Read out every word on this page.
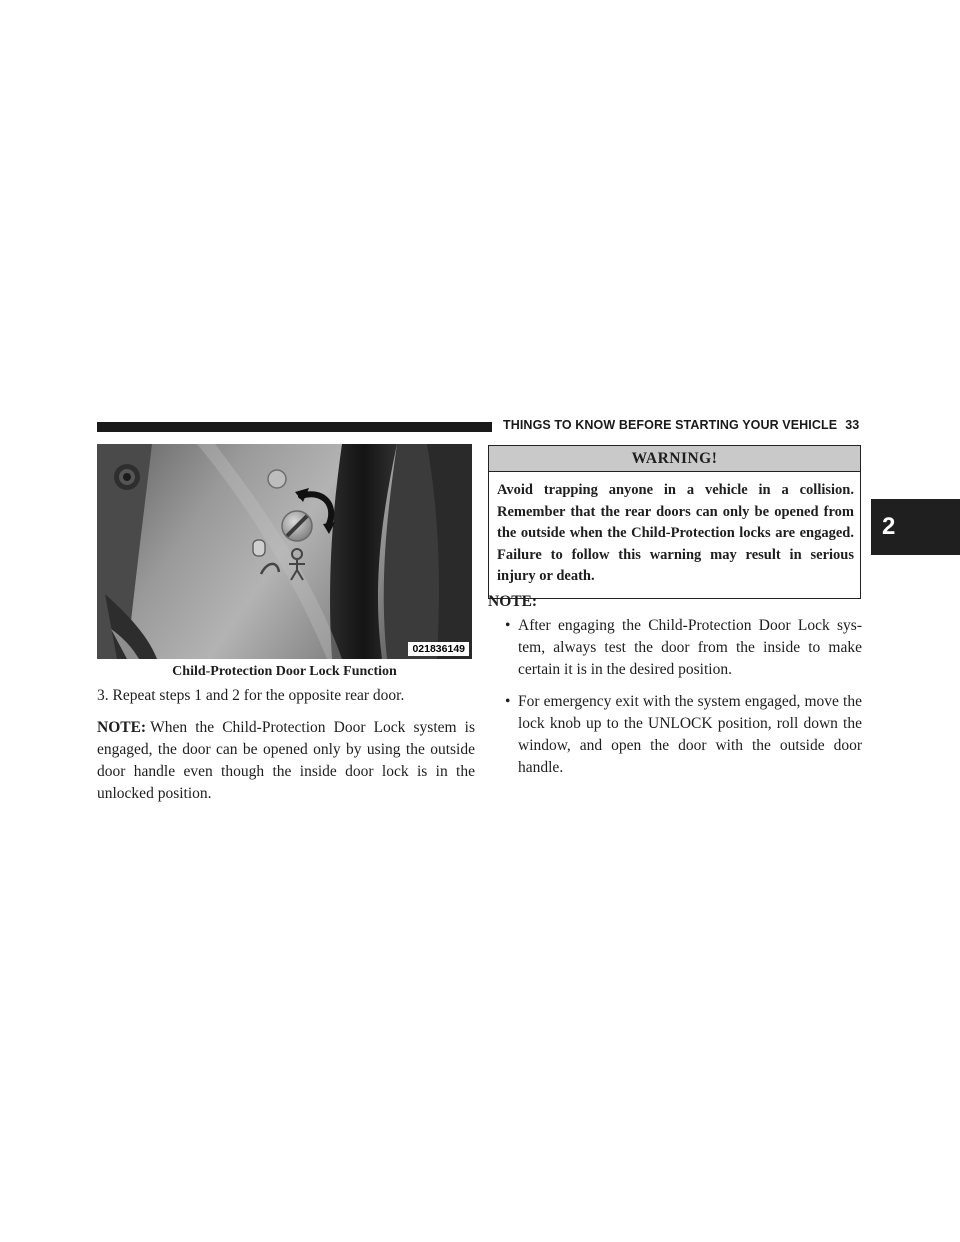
THINGS TO KNOW BEFORE STARTING YOUR VEHICLE 33
2
021836149
Child-Protection Door Lock Function
3. Repeat steps 1 and 2 for the opposite rear door.
NOTE: When the Child-Protection Door Lock system is engaged, the door can be opened only by using the outside door handle even though the inside door lock is in the unlocked position.
WARNING!
Avoid trapping anyone in a vehicle in a collision. Remember that the rear doors can only be opened from the outside when the Child-Protection locks are engaged. Failure to follow this warning may result in serious injury or death.
NOTE:
• After engaging the Child-Protection Door Lock sys- tem, always test the door from the inside to make certain it is in the desired position.
• For emergency exit with the system engaged, move the lock knob up to the UNLOCK position, roll down the window, and open the door with the outside door handle.
